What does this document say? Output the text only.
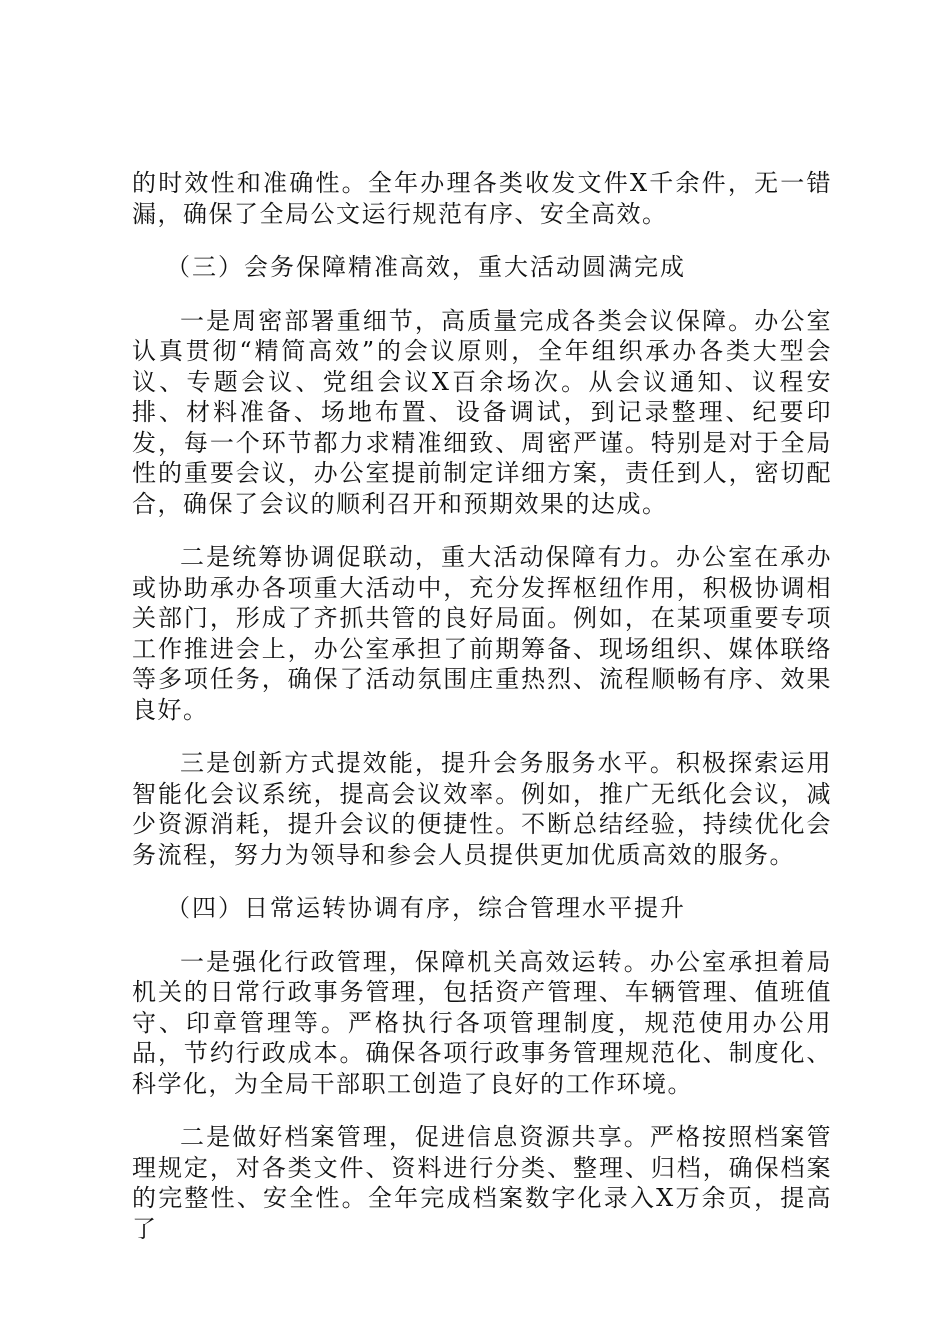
的时效性和准确性。全年办理各类收发文件X千余件，无一错漏，确保了全局公文运行规范有序、安全高效。

（三）会务保障精准高效，重大活动圆满完成

一是周密部署重细节，高质量完成各类会议保障。办公室认真贯彻“精简高效”的会议原则，全年组织承办各类大型会议、专题会议、党组会议X百余场次。从会议通知、议程安排、材料准备、场地布置、设备调试，到记录整理、纪要印发，每一个环节都力求精准细致、周密严谨。特别是对于全局性的重要会议，办公室提前制定详细方案，责任到人，密切配合，确保了会议的顺利召开和预期效果的达成。

二是统筹协调促联动，重大活动保障有力。办公室在承办或协助承办各项重大活动中，充分发挥枢纽作用，积极协调相关部门，形成了齐抓共管的良好局面。例如，在某项重要专项工作推进会上，办公室承担了前期筹备、现场组织、媒体联络等多项任务，确保了活动氛围庄重热烈、流程顺畅有序、效果良好。

三是创新方式提效能，提升会务服务水平。积极探索运用智能化会议系统，提高会议效率。例如，推广无纸化会议，减少资源消耗，提升会议的便捷性。不断总结经验，持续优化会务流程，努力为领导和参会人员提供更加优质高效的服务。

（四）日常运转协调有序，综合管理水平提升

一是强化行政管理，保障机关高效运转。办公室承担着局机关的日常行政事务管理，包括资产管理、车辆管理、值班值守、印章管理等。严格执行各项管理制度，规范使用办公用品，节约行政成本。确保各项行政事务管理规范化、制度化、科学化，为全局干部职工创造了良好的工作环境。

二是做好档案管理，促进信息资源共享。严格按照档案管理规定，对各类文件、资料进行分类、整理、归档，确保档案的完整性、安全性。全年完成档案数字化录入X万余页，提高了
